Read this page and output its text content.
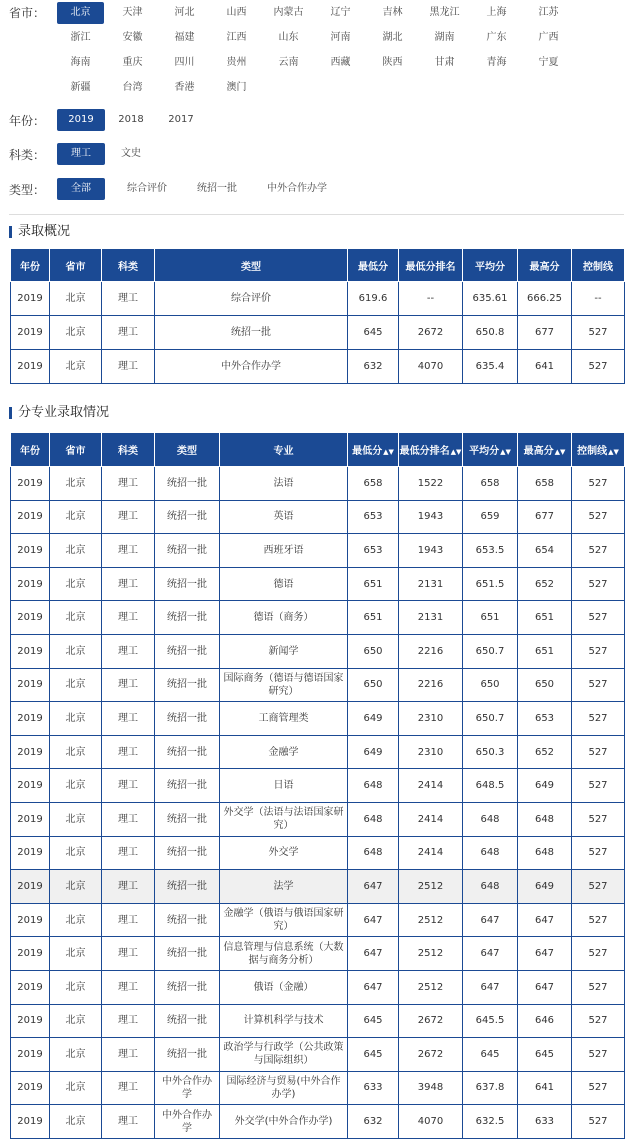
省市：	北京	天津	河北	山西	内蒙古	辽宁	吉林	黑龙江	上海	江苏
浙江	安徽	福建	江西	山东	河南	湖北	湖南	广东	广西
海南	重庆	四川	贵州	云南	西藏	陕西	甘肃	青海	宁夏
新疆	台湾	香港	澳门
年份：	2019	2018	2017
科类：	理工	文史
类型：	全部	综合评价	统招一批	中外合作办学
录取概况
年份	省市	科类	类型	最低分	最低分排名	平均分	最高分	控制线
2019	北京	理工	综合评价	619.6	--	635.61	666.25	--
2019	北京	理工	统招一批	645	2672	650.8	677	527
2019	北京	理工	中外合作办学	632	4070	635.4	641	527
分专业录取情况
年份	省市	科类	类型	专业	最低分▲▼	最低分排名▲▼	平均分▲▼	最高分▲▼	控制线▲▼
2019	北京	理工	统招一批	法语	658	1522	658	658	527
2019	北京	理工	统招一批	英语	653	1943	659	677	527
2019	北京	理工	统招一批	西班牙语	653	1943	653.5	654	527
2019	北京	理工	统招一批	德语	651	2131	651.5	652	527
2019	北京	理工	统招一批	德语（商务）	651	2131	651	651	527
2019	北京	理工	统招一批	新闻学	650	2216	650.7	651	527
2019	北京	理工	统招一批	国际商务（德语与德语国家研究）	650	2216	650	650	527
2019	北京	理工	统招一批	工商管理类	649	2310	650.7	653	527
2019	北京	理工	统招一批	金融学	649	2310	650.3	652	527
2019	北京	理工	统招一批	日语	648	2414	648.5	649	527
2019	北京	理工	统招一批	外交学（法语与法语国家研究）	648	2414	648	648	527
2019	北京	理工	统招一批	外交学	648	2414	648	648	527
2019	北京	理工	统招一批	法学	647	2512	648	649	527
2019	北京	理工	统招一批	金融学（俄语与俄语国家研究）	647	2512	647	647	527
2019	北京	理工	统招一批	信息管理与信息系统（大数据与商务分析）	647	2512	647	647	527
2019	北京	理工	统招一批	俄语（金融）	647	2512	647	647	527
2019	北京	理工	统招一批	计算机科学与技术	645	2672	645.5	646	527
2019	北京	理工	统招一批	政治学与行政学（公共政策与国际组织）	645	2672	645	645	527
2019	北京	理工	中外合作办学	国际经济与贸易(中外合作办学)	633	3948	637.8	641	527
2019	北京	理工	中外合作办学	外交学(中外合作办学)	632	4070	632.5	633	527
